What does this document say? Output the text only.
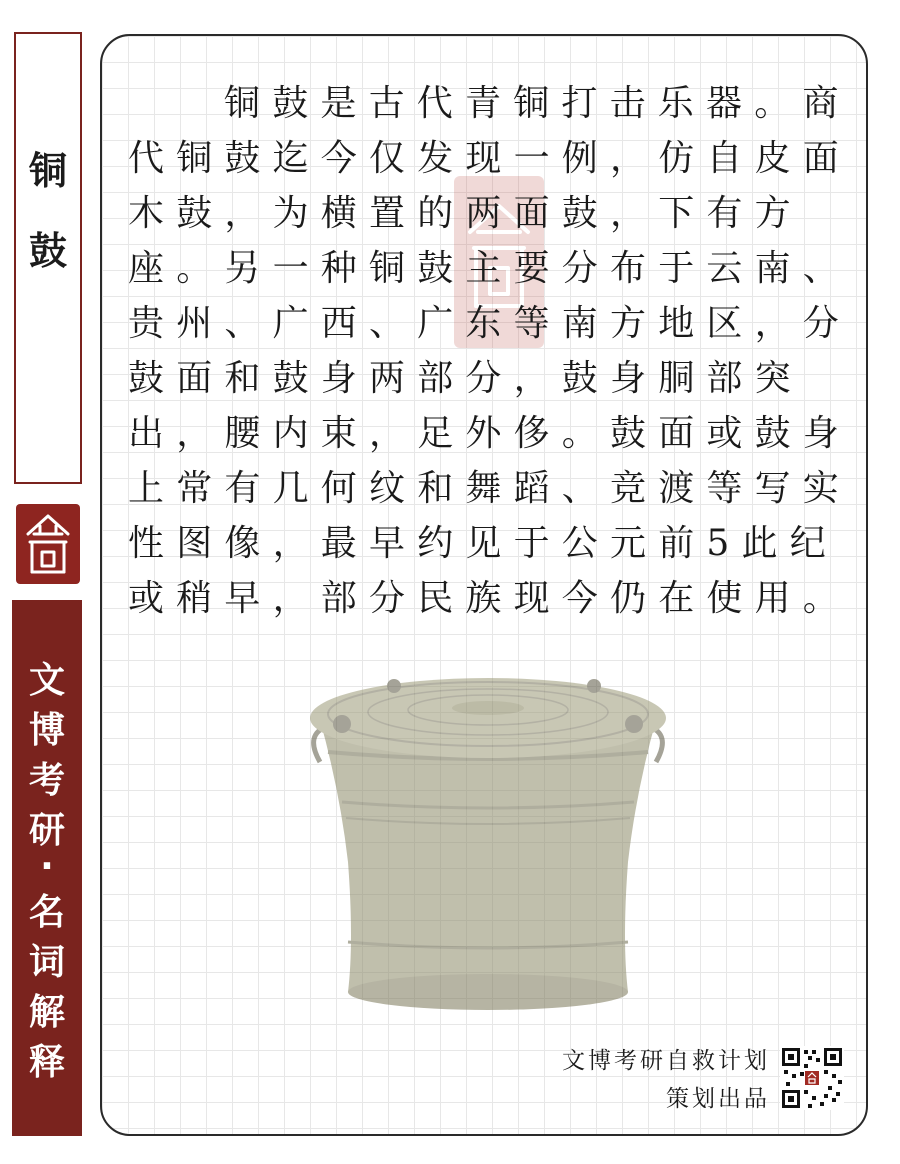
铜
鼓
文
博
考
研
·
名
词
解
释

铜鼓是古代青铜打击乐器。商代铜鼓迄今仅发现一例，仿自皮面木鼓，为横置的两面鼓，下有方座。另一种铜鼓主要分布于云南、贵州、广西、广东等南方地区，分鼓面和鼓身两部分，鼓身胴部突出，腰内束，足外侈。鼓面或鼓身上常有几何纹和舞蹈、竞渡等写实性图像，最早约见于公元前5此纪或稍早，部分民族现今仍在使用。

文博考研自救计划
策划出品
